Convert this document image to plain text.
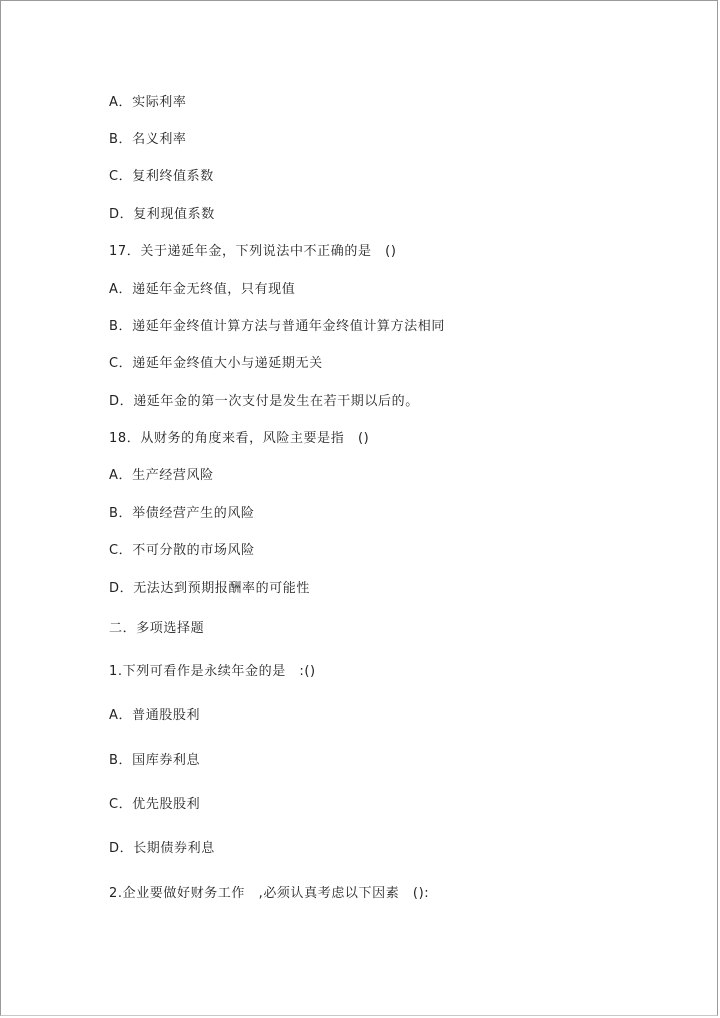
A．实际利率
B．名义利率
C．复利终值系数
D．复利现值系数
17．关于递延年金，下列说法中不正确的是　()
A．递延年金无终值，只有现值
B．递延年金终值计算方法与普通年金终值计算方法相同
C．递延年金终值大小与递延期无关
D．递延年金的第一次支付是发生在若干期以后的。
18．从财务的角度来看，风险主要是指　()
A．生产经营风险
B．举债经营产生的风险
C．不可分散的市场风险
D．无法达到预期报酬率的可能性
二．多项选择题
1.下列可看作是永续年金的是　:()
A．普通股股利
B．国库券利息
C．优先股股利
D．长期债券利息
2.企业要做好财务工作　,必须认真考虑以下因素　():
